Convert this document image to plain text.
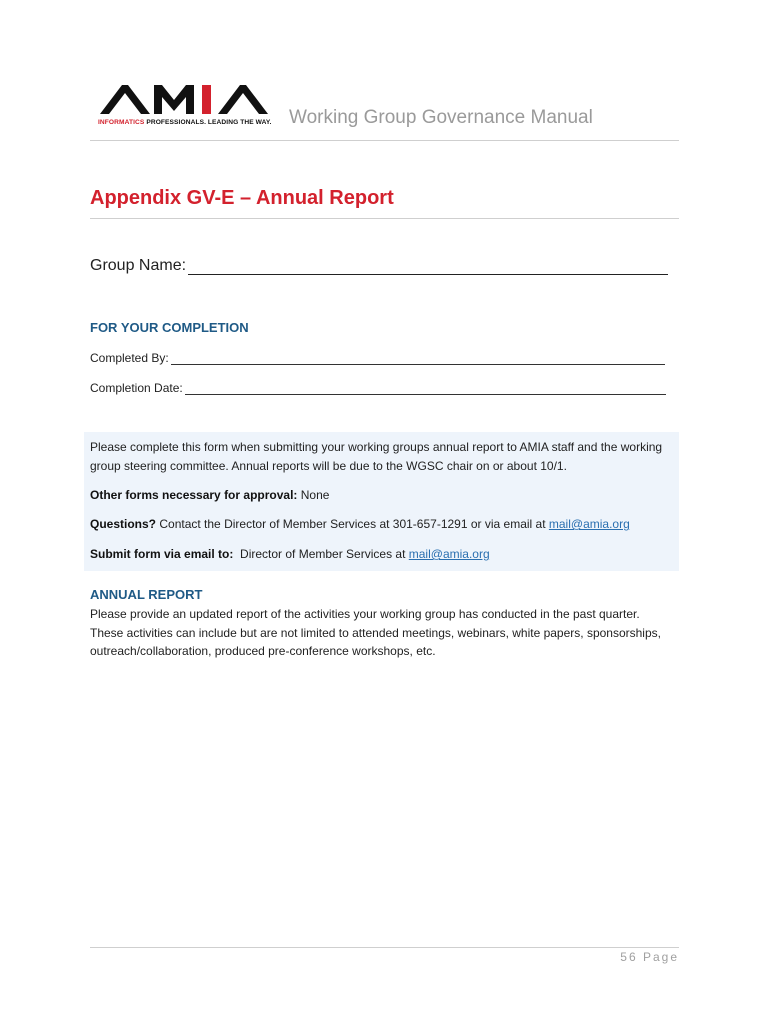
INFORMATICS PROFESSIONALS. LEADING THE WAY. Working Group Governance Manual
Appendix GV-E – Annual Report
Group Name:
FOR YOUR COMPLETION
Completed By:
Completion Date:
Please complete this form when submitting your working groups annual report to AMIA staff and the working group steering committee. Annual reports will be due to the WGSC chair on or about 10/1.
Other forms necessary for approval: None
Questions? Contact the Director of Member Services at 301-657-1291 or via email at mail@amia.org
Submit form via email to: Director of Member Services at mail@amia.org
ANNUAL REPORT
Please provide an updated report of the activities your working group has conducted in the past quarter. These activities can include but are not limited to attended meetings, webinars, white papers, sponsorships, outreach/collaboration, produced pre-conference workshops, etc.
56 Page
